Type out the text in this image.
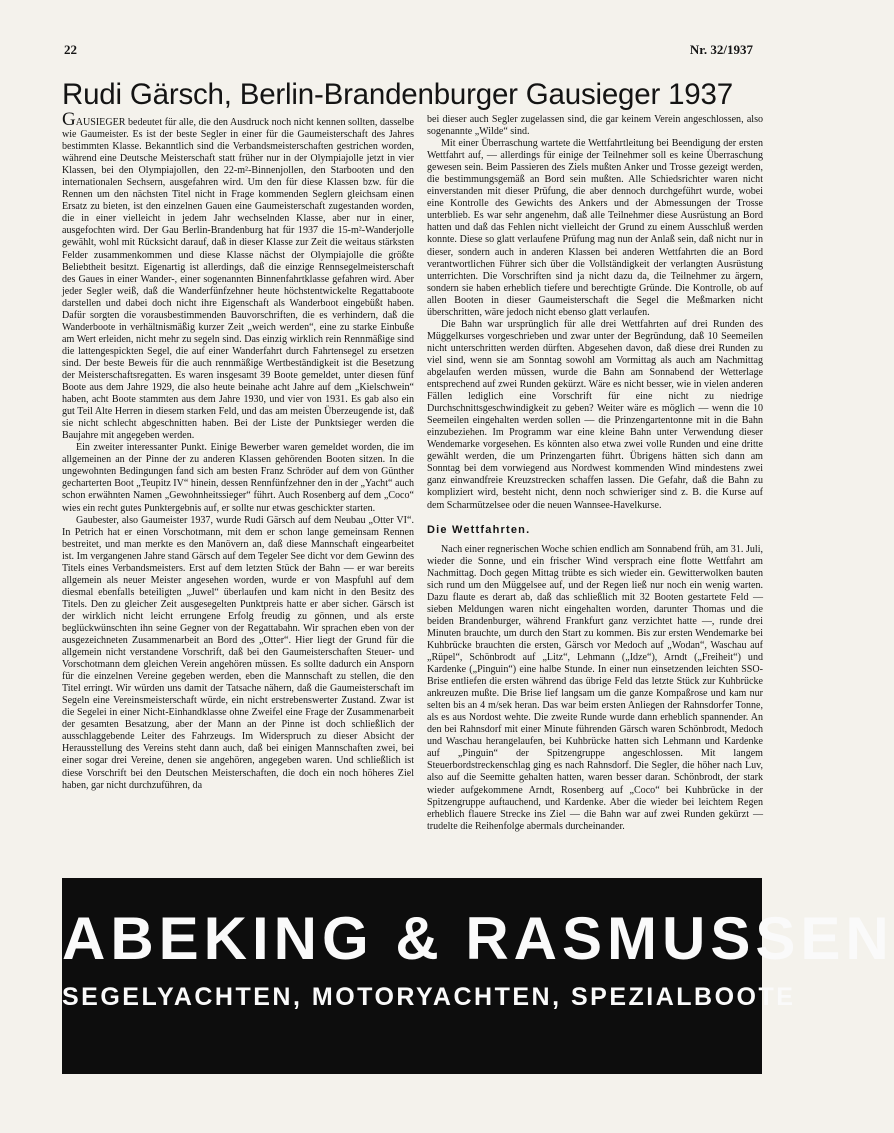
22	Nr. 32/1937
Rudi Gärsch, Berlin-Brandenburger Gausieger 1937

GAUSIEGER bedeutet für alle, die den Ausdruck noch nicht kennen sollten, dasselbe wie Gaumeister. Es ist der beste Segler in einer für die Gaumeisterschaft des Jahres bestimmten Klasse. Bekanntlich sind die Verbandsmeisterschaften gestrichen worden, während eine Deutsche Meisterschaft statt früher nur in der Olympiajolle jetzt in vier Klassen, bei den Olympiajollen, den 22-m²-Binnenjollen, den Starbooten und den internationalen Sechsern, ausgefahren wird. Um den für diese Klassen bzw. für die Rennen um den nächsten Titel nicht in Frage kommenden Seglern gleichsam einen Ersatz zu bieten, ist den einzelnen Gauen eine Gaumeisterschaft zugestanden worden, die in einer vielleicht in jedem Jahr wechselnden Klasse, aber nur in einer, ausgefochten wird. Der Gau Berlin-Brandenburg hat für 1937 die 15-m²-Wanderjolle gewählt, wohl mit Rücksicht darauf, daß in dieser Klasse zur Zeit die weitaus stärksten Felder zusammenkommen und diese Klasse nächst der Olympiajolle die größte Beliebtheit besitzt. Eigenartig ist allerdings, daß die einzige Rennsegelmeisterschaft des Gaues in einer Wander-, einer sogenannten Binnenfahrtklasse gefahren wird. Aber jeder Segler weiß, daß die Wanderfünfzehner heute höchstentwickelte Regattaboote darstellen und dabei doch nicht ihre Eigenschaft als Wanderboot eingebüßt haben. Dafür sorgten die vorausbestimmenden Bauvorschriften, die es verhindern, daß die Wanderboote in verhältnismäßig kurzer Zeit „weich werden“, eine zu starke Einbuße am Wert erleiden, nicht mehr zu segeln sind. Das einzig wirklich rein Rennmäßige sind die lattengespickten Segel, die auf einer Wanderfahrt durch Fahrtensegel zu ersetzen sind. Der beste Beweis für die auch rennmäßige Wertbeständigkeit ist die Besetzung der Meisterschaftsregatten. Es waren insgesamt 39 Boote gemeldet, unter diesen fünf Boote aus dem Jahre 1929, die also heute beinahe acht Jahre auf dem „Kielschwein“ haben, acht Boote stammten aus dem Jahre 1930, und vier von 1931. Es gab also ein gut Teil Alte Herren in diesem starken Feld, und das am meisten Überzeugende ist, daß sie nicht schlecht abgeschnitten haben. Bei der Liste der Punktsieger werden die Baujahre mit angegeben werden.

Ein zweiter interessanter Punkt. Einige Bewerber waren gemeldet worden, die im allgemeinen an der Pinne der zu anderen Klassen gehörenden Booten sitzen. In die ungewohnten Bedingungen fand sich am besten Franz Schröder auf dem von Günther gecharterten Boot „Teupitz IV“ hinein, dessen Rennfünfzehner den in der „Yacht“ auch schon erwähnten Namen „Gewohnheitssieger“ führt. Auch Rosenberg auf dem „Coco“ wies ein recht gutes Punktergebnis auf, er sollte nur etwas geschickter starten.

Gaubester, also Gaumeister 1937, wurde Rudi Gärsch auf dem Neubau „Otter VI“. In Petrich hat er einen Vorschotmann, mit dem er schon lange gemeinsam Rennen bestreitet, und man merkte es den Manövern an, daß diese Mannschaft eingearbeitet ist. Im vergangenen Jahre stand Gärsch auf dem Tegeler See dicht vor dem Gewinn des Titels eines Verbandsmeisters. Erst auf dem letzten Stück der Bahn — er war bereits allgemein als neuer Meister angesehen worden, wurde er von Maspfuhl auf dem diesmal ebenfalls beteiligten „Juwel“ überlaufen und kam nicht in den Besitz des Titels. Den zu gleicher Zeit ausgesegelten Punktpreis hatte er aber sicher. Gärsch ist der wirklich nicht leicht errungene Erfolg freudig zu gönnen, und als erste beglückwünschten ihn seine Gegner von der Regattabahn. Wir sprachen eben von der ausgezeichneten Zusammenarbeit an Bord des „Otter“. Hier liegt der Grund für die allgemein nicht verstandene Vorschrift, daß bei den Gaumeisterschaften Steuer- und Vorschotmann dem gleichen Verein angehören müssen. Es sollte dadurch ein Ansporn für die einzelnen Vereine gegeben werden, eben die Mannschaft zu stellen, die den Titel erringt. Wir würden uns damit der Tatsache nähern, daß die Gaumeisterschaft im Segeln eine Vereinsmeisterschaft würde, ein nicht erstrebenswerter Zustand. Zwar ist die Segelei in einer Nicht-Einhandklasse ohne Zweifel eine Frage der Zusammenarbeit der gesamten Besatzung, aber der Mann an der Pinne ist doch schließlich der ausschlaggebende Leiter des Fahrzeugs. Im Widerspruch zu dieser Absicht der Herausstellung des Vereins steht dann auch, daß bei einigen Mannschaften zwei, bei einer sogar drei Vereine, denen sie angehören, angegeben waren. Und schließlich ist diese Vorschrift bei den Deutschen Meisterschaften, die doch ein noch höheres Ziel haben, gar nicht durchzuführen, da

bei dieser auch Segler zugelassen sind, die gar keinem Verein angeschlossen, also sogenannte „Wilde“ sind.

Mit einer Überraschung wartete die Wettfahrtleitung bei Beendigung der ersten Wettfahrt auf, — allerdings für einige der Teilnehmer soll es keine Überraschung gewesen sein. Beim Passieren des Ziels mußten Anker und Trosse gezeigt werden, die bestimmungsgemäß an Bord sein mußten. Alle Schiedsrichter waren nicht einverstanden mit dieser Prüfung, die aber dennoch durchgeführt wurde, wobei eine Kontrolle des Gewichts des Ankers und der Abmessungen der Trosse unterblieb. Es war sehr angenehm, daß alle Teilnehmer diese Ausrüstung an Bord hatten und daß das Fehlen nicht vielleicht der Grund zu einem Ausschluß werden konnte. Diese so glatt verlaufene Prüfung mag nun der Anlaß sein, daß nicht nur in dieser, sondern auch in anderen Klassen bei anderen Wettfahrten die an Bord verantwortlichen Führer sich über die Vollständigkeit der verlangten Ausrüstung unterrichten. Die Vorschriften sind ja nicht dazu da, die Teilnehmer zu ärgern, sondern sie haben erheblich tiefere und berechtigte Gründe. Die Kontrolle, ob auf allen Booten in dieser Gaumeisterschaft die Segel die Meßmarken nicht überschritten, wäre jedoch nicht ebenso glatt verlaufen.

Die Bahn war ursprünglich für alle drei Wettfahrten auf drei Runden des Müggelkurses vorgeschrieben und zwar unter der Begründung, daß 10 Seemeilen nicht unterschritten werden dürften. Abgesehen davon, daß diese drei Runden zu viel sind, wenn sie am Sonntag sowohl am Vormittag als auch am Nachmittag abgelaufen werden müssen, wurde die Bahn am Sonnabend der Wetterlage entsprechend auf zwei Runden gekürzt. Wäre es nicht besser, wie in vielen anderen Fällen lediglich eine Vorschrift für eine nicht zu niedrige Durchschnittsgeschwindigkeit zu geben? Weiter wäre es möglich — wenn die 10 Seemeilen eingehalten werden sollen — die Prinzengartentonne mit in die Bahn einzubeziehen. Im Programm war eine kleine Bahn unter Verwendung dieser Wendemarke vorgesehen. Es könnten also etwa zwei volle Runden und eine dritte gewählt werden, die um Prinzengarten führt. Übrigens hätten sich dann am Sonntag bei dem vorwiegend aus Nordwest kommenden Wind mindestens zwei ganz einwandfreie Kreuzstrecken schaffen lassen. Die Gefahr, daß die Bahn zu kompliziert wird, besteht nicht, denn noch schwieriger sind z. B. die Kurse auf dem Scharmützelsee oder die neuen Wannsee-Havelkurse.

Die Wettfahrten.

Nach einer regnerischen Woche schien endlich am Sonnabend früh, am 31. Juli, wieder die Sonne, und ein frischer Wind versprach eine flotte Wettfahrt am Nachmittag. Doch gegen Mittag trübte es sich wieder ein. Gewitterwolken bauten sich rund um den Müggelsee auf, und der Regen ließ nur noch ein wenig warten. Dazu flaute es derart ab, daß das schließlich mit 32 Booten gestartete Feld — sieben Meldungen waren nicht eingehalten worden, darunter Thomas und die beiden Brandenburger, während Frankfurt ganz verzichtet hatte —, runde drei Minuten brauchte, um durch den Start zu kommen. Bis zur ersten Wendemarke bei Kuhbrücke brauchten die ersten, Gärsch vor Medoch auf „Wodan“, Waschau auf „Rüpel“, Schönbrodt auf „Litz“, Lehmann („Idze“), Arndt („Freiheit“) und Kardenke („Pinguin“) eine halbe Stunde. In einer nun einsetzenden leichten SSO-Brise entliefen die ersten während das übrige Feld das letzte Stück zur Kuhbrücke ankreuzen mußte. Die Brise lief langsam um die ganze Kompaßrose und kam nur selten bis an 4 m/sek heran. Das war beim ersten Anliegen der Rahnsdorfer Tonne, als es aus Nordost wehte. Die zweite Runde wurde dann erheblich spannender. An den bei Rahnsdorf mit einer Minute führenden Gärsch waren Schönbrodt, Medoch und Waschau herangelaufen, bei Kuhbrücke hatten sich Lehmann und Kardenke auf „Pinguin“ der Spitzengruppe angeschlossen. Mit langem Steuerbordstreckenschlag ging es nach Rahnsdorf. Die Segler, die höher nach Luv, also auf die Seemitte gehalten hatten, waren besser daran. Schönbrodt, der stark wieder aufgekommene Arndt, Rosenberg auf „Coco“ bei Kuhbrücke in der Spitzengruppe auftauchend, und Kardenke. Aber die wieder bei leichtem Regen erheblich flauere Strecke ins Ziel — die Bahn war auf zwei Runden gekürzt — trudelte die Reihenfolge abermals durcheinander.

ABEKING & RASMUSSEN
SEGELYACHTEN, MOTORYACHTEN, SPEZIALBOOTE
